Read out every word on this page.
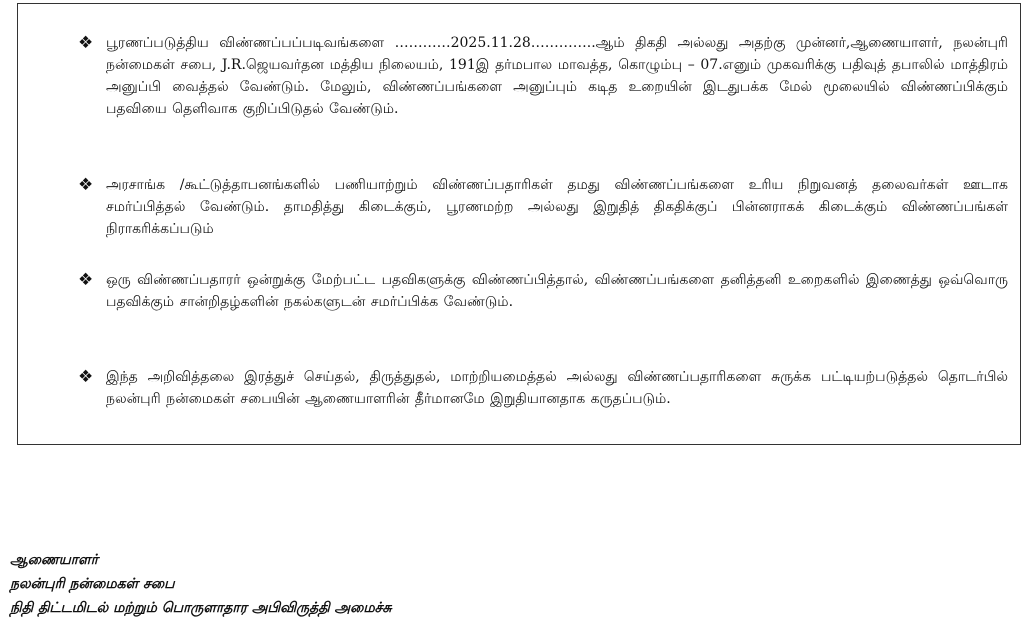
❖ பூரணப்படுத்திய விண்ணப்பப்படிவங்களை …………2025.11.28…………..ஆம் திகதி அல்லது அதற்கு முன்னர்,ஆணையாளர், நலன்புரி நன்மைகள் சபை, J.R.ஜெயவர்தன மத்திய நிலையம், 191இ தர்மபால மாவத்த, கொழும்பு – 07.எனும் முகவரிக்கு பதிவுத் தபாலில் மாத்திரம் அனுப்பி வைத்தல் வேண்டும். மேலும், விண்ணப்பங்களை அனுப்பும் கடித உறையின் இடதுபக்க மேல் மூலையில் விண்ணப்பிக்கும் பதவியை தெளிவாக குறிப்பிடுதல் வேண்டும்.
❖ அரசாங்க /கூட்டுத்தாபனங்களில் பணியாற்றும் விண்ணப்பதாரிகள் தமது விண்ணப்பங்களை உரிய நிறுவனத் தலைவர்கள் ஊடாக சமர்ப்பித்தல் வேண்டும். தாமதித்து கிடைக்கும், பூரணமற்ற அல்லது இறுதித் திகதிக்குப் பின்னராகக் கிடைக்கும் விண்ணப்பங்கள் நிராகரிக்கப்படும்
❖ ஒரு விண்ணப்பதாரர் ஒன்றுக்கு மேற்பட்ட பதவிகளுக்கு விண்ணப்பித்தால், விண்ணப்பங்களை தனித்தனி உறைகளில் இணைத்து ஒவ்வொரு பதவிக்கும் சான்றிதழ்களின் நகல்களுடன் சமர்ப்பிக்க வேண்டும்.
❖ இந்த அறிவித்தலை இரத்துச் செய்தல், திருத்துதல், மாற்றியமைத்தல் அல்லது விண்ணப்பதாரிகளை சுருக்க பட்டியற்படுத்தல் தொடர்பில் நலன்புரி நன்மைகள் சபையின் ஆணையாளரின் தீர்மானமே இறுதியானதாக கருதப்படும்.
ஆணையாளர்
நலன்புரி நன்மைகள் சபை
நிதி திட்டமிடல் மற்றும் பொருளாதார அபிவிருத்தி அமைச்சு
